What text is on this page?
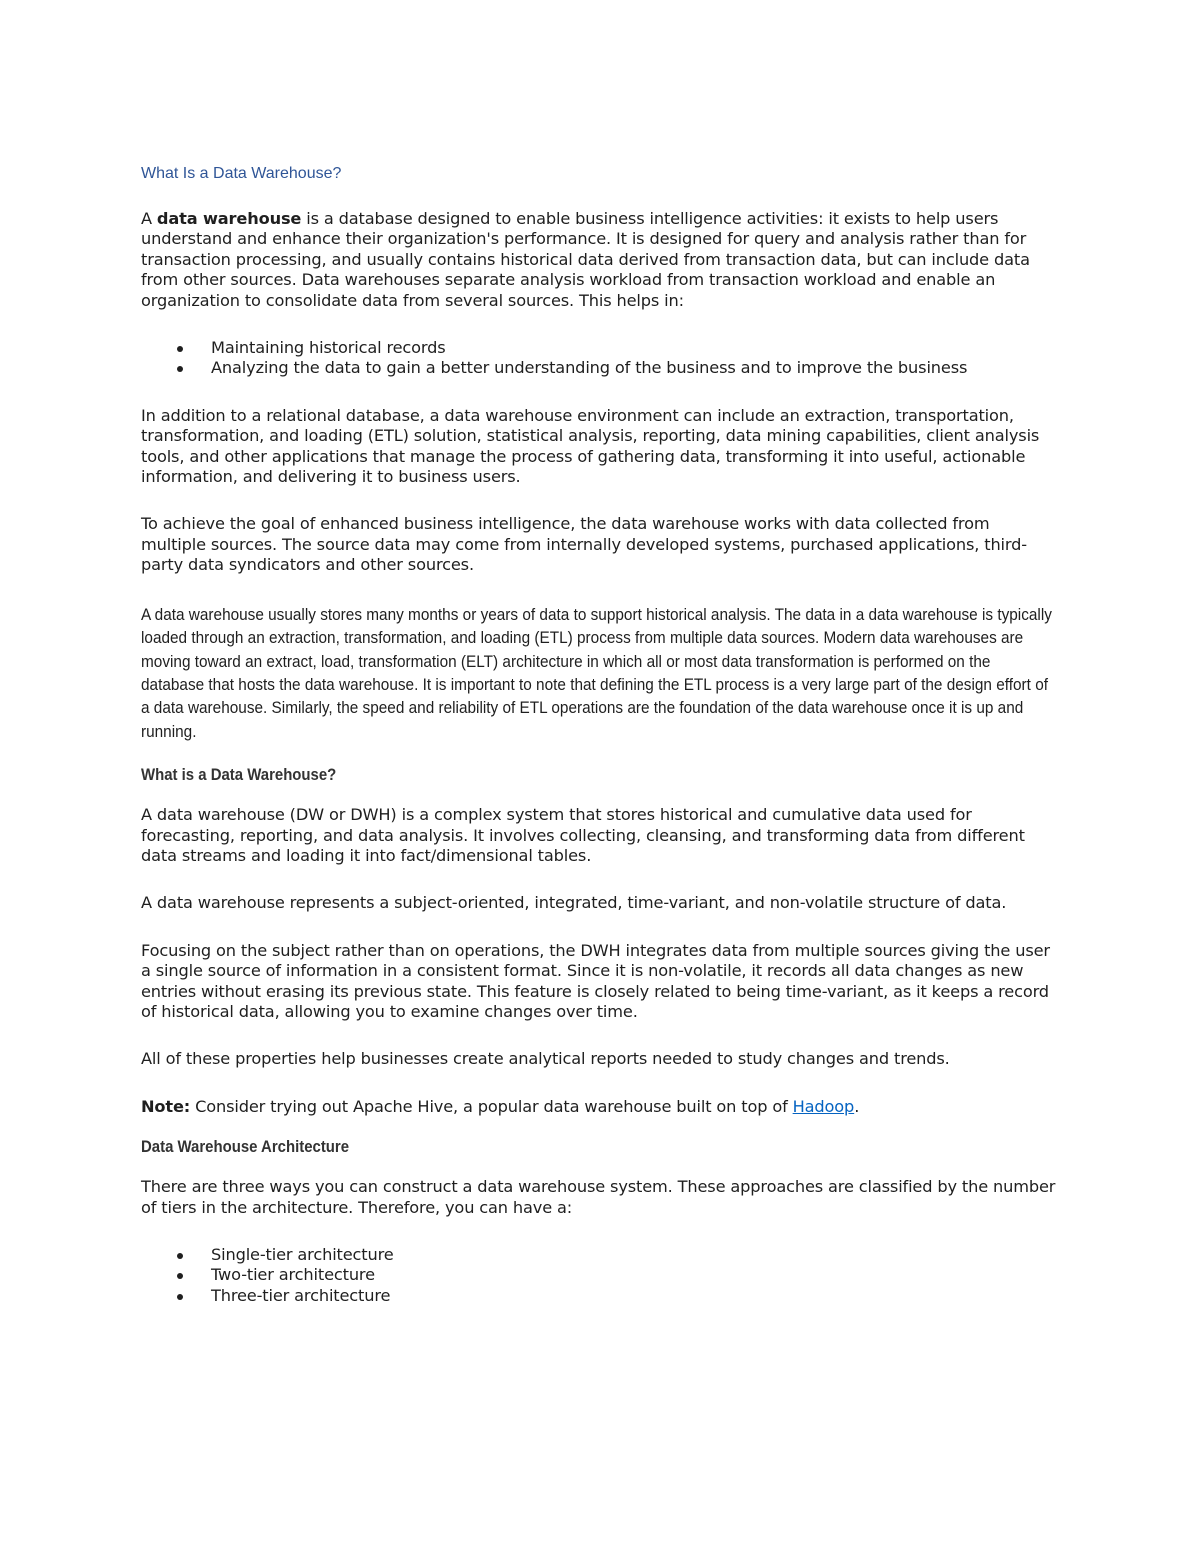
What Is a Data Warehouse?

A data warehouse is a database designed to enable business intelligence activities: it exists to help users understand and enhance their organization's performance. It is designed for query and analysis rather than for transaction processing, and usually contains historical data derived from transaction data, but can include data from other sources. Data warehouses separate analysis workload from transaction workload and enable an organization to consolidate data from several sources. This helps in:

Maintaining historical records
Analyzing the data to gain a better understanding of the business and to improve the business

In addition to a relational database, a data warehouse environment can include an extraction, transportation, transformation, and loading (ETL) solution, statistical analysis, reporting, data mining capabilities, client analysis tools, and other applications that manage the process of gathering data, transforming it into useful, actionable information, and delivering it to business users.

To achieve the goal of enhanced business intelligence, the data warehouse works with data collected from multiple sources. The source data may come from internally developed systems, purchased applications, third-party data syndicators and other sources.

A data warehouse usually stores many months or years of data to support historical analysis. The data in a data warehouse is typically loaded through an extraction, transformation, and loading (ETL) process from multiple data sources. Modern data warehouses are moving toward an extract, load, transformation (ELT) architecture in which all or most data transformation is performed on the database that hosts the data warehouse. It is important to note that defining the ETL process is a very large part of the design effort of a data warehouse. Similarly, the speed and reliability of ETL operations are the foundation of the data warehouse once it is up and running.

What is a Data Warehouse?

A data warehouse (DW or DWH) is a complex system that stores historical and cumulative data used for forecasting, reporting, and data analysis. It involves collecting, cleansing, and transforming data from different data streams and loading it into fact/dimensional tables.

A data warehouse represents a subject-oriented, integrated, time-variant, and non-volatile structure of data.

Focusing on the subject rather than on operations, the DWH integrates data from multiple sources giving the user a single source of information in a consistent format. Since it is non-volatile, it records all data changes as new entries without erasing its previous state. This feature is closely related to being time-variant, as it keeps a record of historical data, allowing you to examine changes over time.

All of these properties help businesses create analytical reports needed to study changes and trends.

Note: Consider trying out Apache Hive, a popular data warehouse built on top of Hadoop.

Data Warehouse Architecture

There are three ways you can construct a data warehouse system. These approaches are classified by the number of tiers in the architecture. Therefore, you can have a:

Single-tier architecture
Two-tier architecture
Three-tier architecture
